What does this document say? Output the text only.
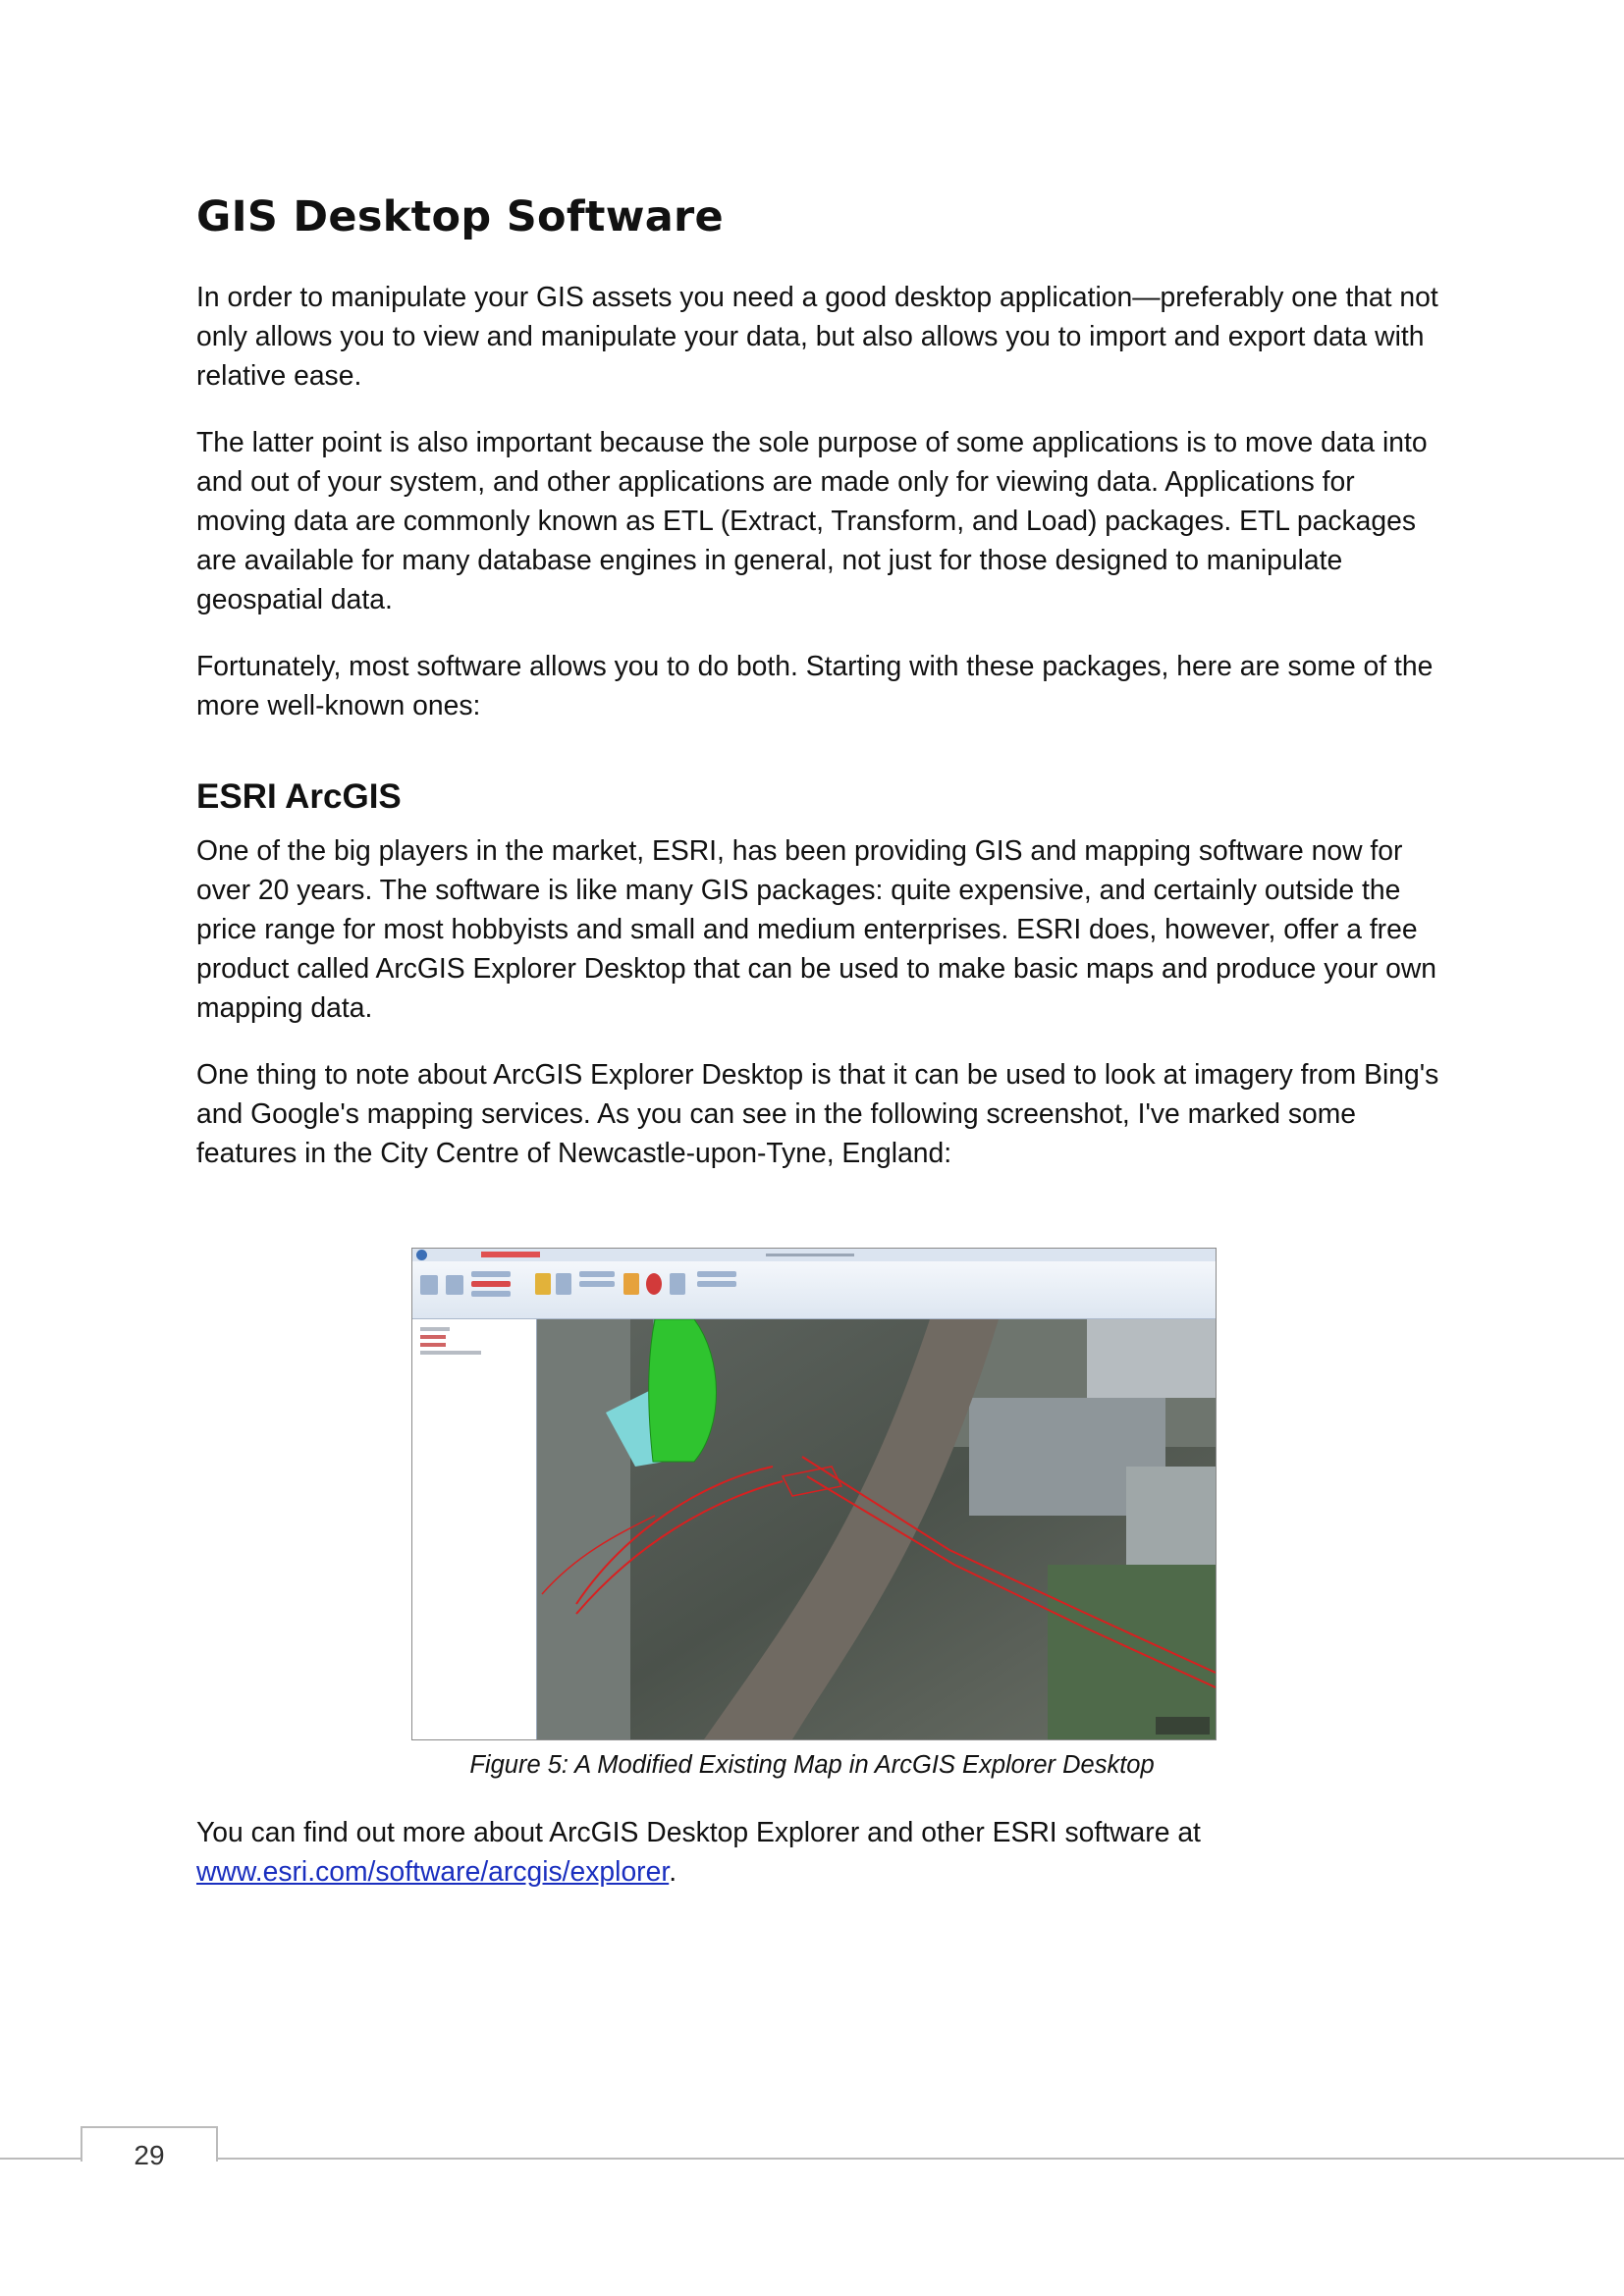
GIS Desktop Software

In order to manipulate your GIS assets you need a good desktop application—preferably one that not only allows you to view and manipulate your data, but also allows you to import and export data with relative ease.

The latter point is also important because the sole purpose of some applications is to move data into and out of your system, and other applications are made only for viewing data. Applications for moving data are commonly known as ETL (Extract, Transform, and Load) packages. ETL packages are available for many database engines in general, not just for those designed to manipulate geospatial data.

Fortunately, most software allows you to do both. Starting with these packages, here are some of the more well-known ones:

ESRI ArcGIS

One of the big players in the market, ESRI, has been providing GIS and mapping software now for over 20 years. The software is like many GIS packages: quite expensive, and certainly outside the price range for most hobbyists and small and medium enterprises. ESRI does, however, offer a free product called ArcGIS Explorer Desktop that can be used to make basic maps and produce your own mapping data.

One thing to note about ArcGIS Explorer Desktop is that it can be used to look at imagery from Bing's and Google's mapping services. As you can see in the following screenshot, I've marked some features in the City Centre of Newcastle-upon-Tyne, England:

Figure 5: A Modified Existing Map in ArcGIS Explorer Desktop

You can find out more about ArcGIS Desktop Explorer and other ESRI software at
www.esri.com/software/arcgis/explorer.

29
